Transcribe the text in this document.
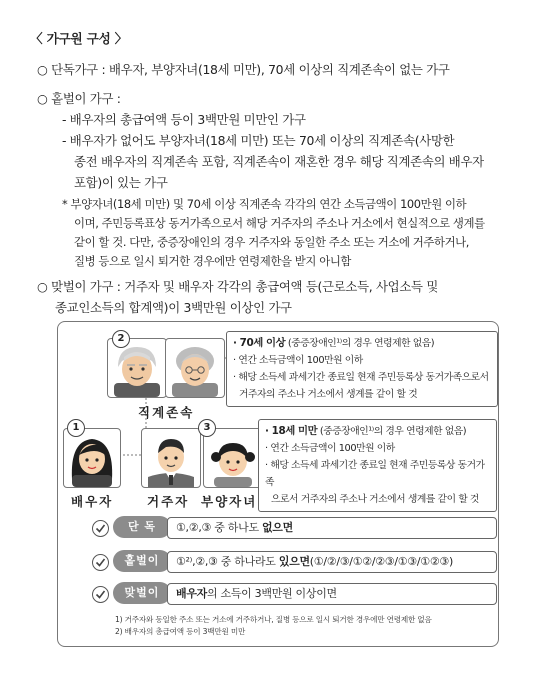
〈 가구원 구성 〉
○ 단독가구 : 배우자, 부양자녀(18세 미만), 70세 이상의 직계존속이 없는 가구
○ 홑벌이 가구 :
- 배우자의 총급여액 등이 3백만원 미만인 가구
- 배우자가 없어도 부양자녀(18세 미만) 또는 70세 이상의 직계존속(사망한
종전 배우자의 직계존속 포함, 직계존속이 재혼한 경우 해당 직계존속의 배우자
포함)이 있는 가구
* 부양자녀(18세 미만) 및 70세 이상 직계존속 각각의 연간 소득금액이 100만원 이하
이며, 주민등록표상 동거가족으로서 해당 거주자의 주소나 거소에서 현실적으로 생계를
같이 할 것. 다만, 중증장애인의 경우 거주자와 동일한 주소 또는 거소에 거주하거나,
질병 등으로 일시 퇴거한 경우에만 연령제한을 받지 아니함
○ 맞벌이 가구 : 거주자 및 배우자 각각의 총급여액 등(근로소득, 사업소득 및
종교인소득의 합계액)이 3백만원 이상인 가구
2
직계존속
· 70세 이상 (중증장애인¹⁾의 경우 연령제한 없음)
· 연간 소득금액이 100만원 이하
· 해당 소득세 과세기간 종료일 현재 주민등록상 동거가족으로서
거주자의 주소나 거소에서 생계를 같이 할 것
1
배우자	거주자
3
부양자녀
· 18세 미만 (중증장애인¹⁾의 경우 연령제한 없음)
· 연간 소득금액이 100만원 이하
· 해당 소득세 과세기간 종료일 현재 주민등록상 동거가족
으로서 거주자의 주소나 거소에서 생계를 같이 할 것
단 독	①,②,③ 중 하나도 없으면
홑벌이	①²⁾,②,③ 중 하나라도 있으면(①/②/③/①②/②③/①③/①②③)
맞벌이	배우자의 소득이 3백만원 이상이면
1) 거주자와 동일한 주소 또는 거소에 거주하거나, 질병 등으로 일시 퇴거한 경우에만 연령제한 없음
2) 배우자의 총급여액 등이 3백만원 미만
